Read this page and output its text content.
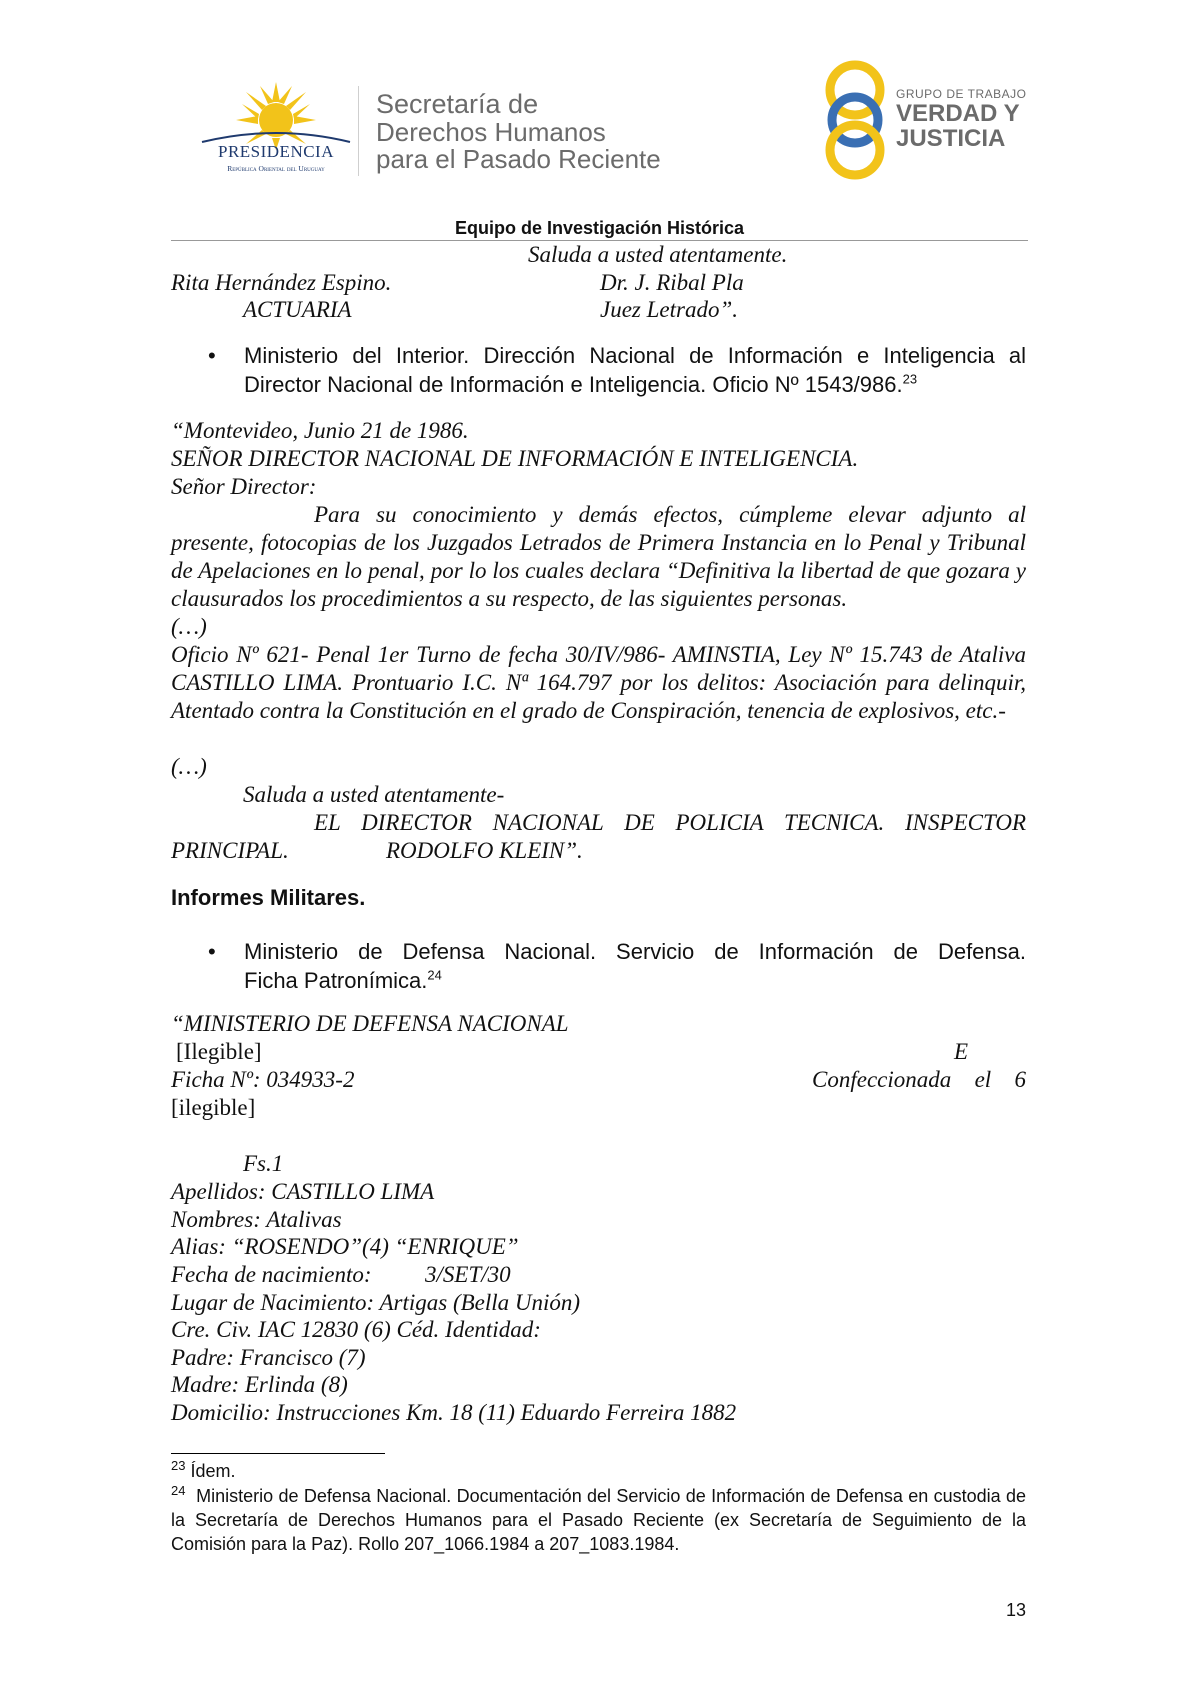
PRESIDENCIA
República Oriental del Uruguay
Secretaría de
Derechos Humanos
para el Pasado Reciente
GRUPO DE TRABAJO
VERDAD Y
JUSTICIA
Equipo de Investigación Histórica
Saluda a usted atentamente.
Rita Hernández Espino.	Dr. J. Ribal Pla
ACTUARIA	Juez Letrado”.
• Ministerio del Interior. Dirección Nacional de Información e Inteligencia al Director Nacional de Información e Inteligencia. Oficio Nº 1543/986.23
“Montevideo, Junio 21 de 1986.
SEÑOR DIRECTOR NACIONAL DE INFORMACIÓN E INTELIGENCIA.
Señor Director:
Para su conocimiento y demás efectos, cúmpleme elevar adjunto al
presente, fotocopias de los Juzgados Letrados de Primera Instancia en lo Penal y Tribunal de Apelaciones en lo penal, por lo los cuales declara “Definitiva la libertad de que gozara y clausurados los procedimientos a su respecto, de las siguientes personas.
(…)
Oficio Nº 621- Penal 1er Turno de fecha 30/IV/986- AMINSTIA, Ley Nº 15.743 de Ataliva CASTILLO LIMA. Prontuario I.C. Nª 164.797 por los delitos: Asociación para delinquir, Atentado contra la Constitución en el grado de Conspiración, tenencia de explosivos, etc.-
(…)
Saluda a usted atentamente-
EL DIRECTOR NACIONAL DE POLICIA TECNICA. INSPECTOR
PRINCIPAL.	RODOLFO KLEIN”.
Informes Militares.
• Ministerio de Defensa Nacional. Servicio de Información de Defensa.
Ficha Patronímica.$^{24}$
“MINISTERIO DE DEFENSA NACIONAL
[Ilegible]	E
Ficha Nº: 034933-2	Confeccionada el 6
[ilegible]
Fs.1
Apellidos: CASTILLO LIMA
Nombres: Atalivas
Alias: “ROSENDO”(4) “ENRIQUE”
Fecha de nacimiento: 3/SET/30
Lugar de Nacimiento: Artigas (Bella Unión)
Cre. Civ. IAC 12830 (6) Céd. Identidad:
Padre: Francisco (7)
Madre: Erlinda (8)
Domicilio: Instrucciones Km. 18 (11) Eduardo Ferreira 1882
$^{23}$ Ídem.
$^{24}$ Ministerio de Defensa Nacional. Documentación del Servicio de Información de Defensa en custodia de la Secretaría de Derechos Humanos para el Pasado Reciente (ex Secretaría de Seguimiento de la Comisión para la Paz). Rollo 207_1066.1984 a 207_1083.1984.
13
